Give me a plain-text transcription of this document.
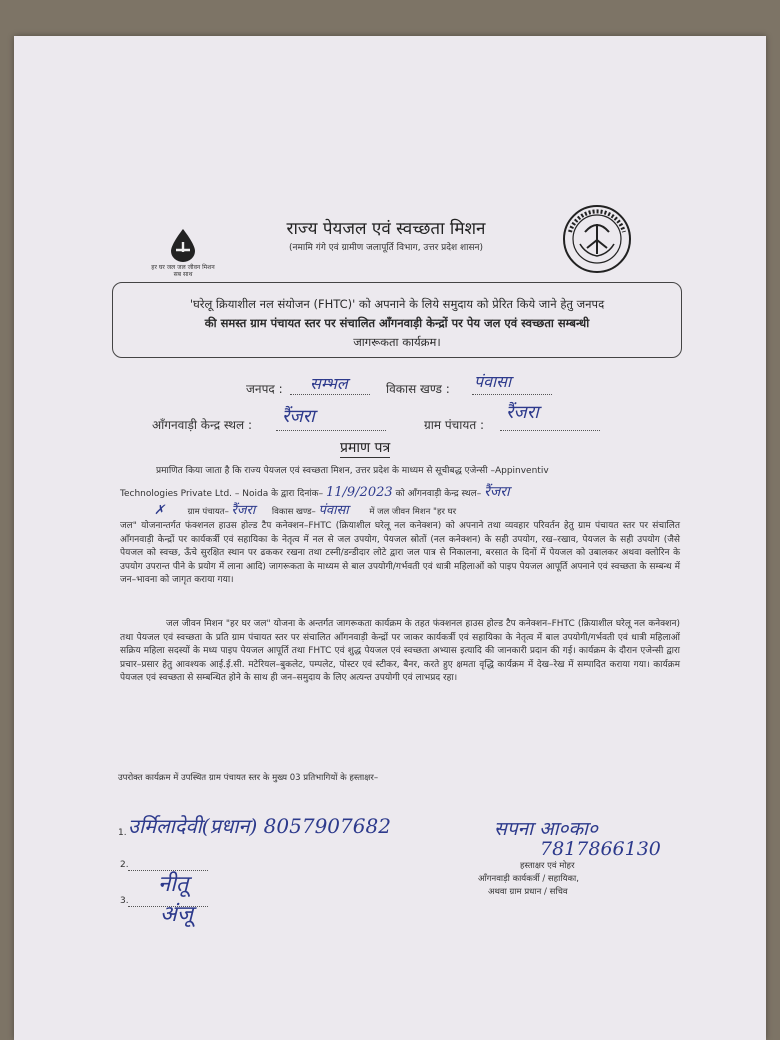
हर घर जल जल जीवन मिशन सब साथ
राज्य पेयजल एवं स्वच्छता मिशन
(नमामि गंगे एवं ग्रामीण जलापूर्ति विभाग, उत्तर प्रदेश शासन)
'घरेलू क्रियाशील नल संयोजन (FHTC)' को अपनाने के लिये समुदाय को प्रेरित किये जाने हेतु जनपद
की समस्त ग्राम पंचायत स्तर पर संचालित आँगनवाड़ी केन्द्रों पर पेय जल एवं स्वच्छता सम्बन्धी
जागरूकता कार्यक्रम।
जनपद : सम्भल	विकास खण्ड : पंवासा
आँगनवाड़ी केन्द्र स्थल : रैंजरा	ग्राम पंचायत :
रैंजरा
प्रमाण पत्र
प्रमाणित किया जाता है कि राज्य पेयजल एवं स्वच्छता मिशन, उत्तर प्रदेश के माध्यम से सूचीबद्ध एजेन्सी –Appinventiv
Technologies Private Ltd. – Noida के द्वारा दिनांक– 11/9/2023 को आँगनवाड़ी केन्द्र स्थल– रैंजरा
✗	ग्राम पंचायत– रैंजरा विकास खण्ड– पंवासा में जल जीवन मिशन "हर घर
जल" योजनान्तर्गत फंक्शनल हाउस होल्ड टैप कनेक्शन–FHTC (क्रियाशील घरेलू नल कनेक्शन) को अपनाने तथा व्यवहार परिवर्तन हेतु ग्राम पंचायत स्तर पर संचालित आँगनवाड़ी केन्द्रों पर कार्यकर्त्री एवं सहायिका के नेतृत्व में नल से जल उपयोग, पेयजल स्रोतों (नल कनेक्शन) के सही उपयोग, रख–रखाव, पेयजल के सही उपयोग (जैसे पेयजल को स्वच्छ, ऊँचे सुरक्षित स्थान पर ढककर रखना तथा टस्नी/डन्डीदार लोटे द्वारा जल पात्र से निकालना, बरसात के दिनों में पेयजल को उबालकर अथवा क्लोरिन के उपयोग उपरान्त पीने के प्रयोग में लाना आदि) जागरूकता के माध्यम से बाल उपयोगी/गर्भवती एवं धात्री महिलाओं को पाइप पेयजल आपूर्ति अपनाने एवं स्वच्छता के सम्बन्ध में जन–भावना को जागृत कराया गया।
जल जीवन मिशन "हर घर जल" योजना के अन्तर्गत जागरूकता कार्यक्रम के तहत फंक्शनल हाउस होल्ड टैप कनेक्शन–FHTC (क्रियाशील घरेलू नल कनेक्शन) तथा पेयजल एवं स्वच्छता के प्रति ग्राम पंचायत स्तर पर संचालित आँगनवाड़ी केन्द्रों पर जाकर कार्यकर्त्री एवं सहायिका के नेतृत्व में बाल उपयोगी/गर्भवती एवं धात्री महिलाओं सक्रिय महिला सदस्यों के मध्य पाइप पेयजल आपूर्ति तथा FHTC एवं शुद्ध पेयजल एवं स्वच्छता अभ्यास इत्यादि की जानकारी प्रदान की गई। कार्यक्रम के दौरान एजेन्सी द्वारा प्रचार–प्रसार हेतु आवश्यक आई.ई.सी. मटेरियल–बुकलेट, पम्पलेट, पोस्टर एवं स्टीकर, बैनर, करते हुए क्षमता वृद्धि कार्यक्रम में देख–रेख में सम्पादित कराया गया। कार्यक्रम पेयजल एवं स्वच्छता से सम्बन्धित होने के साथ ही जन–समुदाय के लिए अत्यन्त उपयोगी एवं लाभप्रद रहा।
उपरोक्त कार्यक्रम में उपस्थित ग्राम पंचायत स्तर के मुख्य 03 प्रतिभागियों के हस्ताक्षर–
1. उर्मिलादेवी(प्रधान) 8057907682
2.
नीतू
3.
अंजू
सपना आ०का०
7817866130
हस्ताक्षर एवं मोहर
आँगनवाड़ी कार्यकर्त्री / सहायिका,
अथवा ग्राम प्रधान / सचिव
